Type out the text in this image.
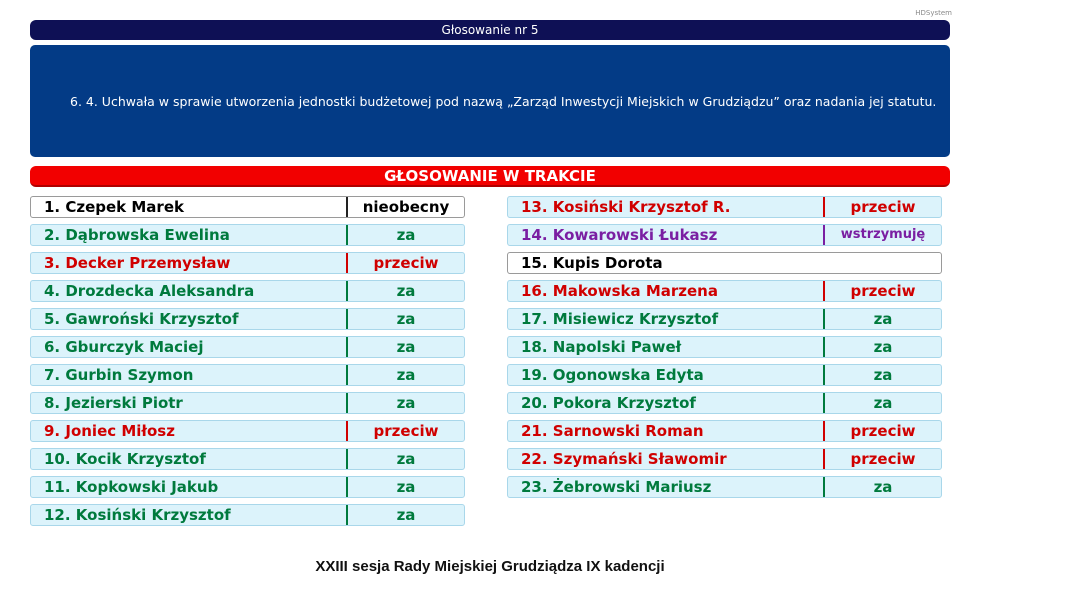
HDSystem
Głosowanie nr 5
6. 4. Uchwała w sprawie utworzenia jednostki budżetowej pod nazwą „Zarząd Inwestycji Miejskich w Grudziądzu” oraz nadania jej statutu.
GŁOSOWANIE W TRAKCIE
1. Czepek Marek	nieobecny
2. Dąbrowska Ewelina	za
3. Decker Przemysław	przeciw
4. Drozdecka Aleksandra	za
5. Gawroński Krzysztof	za
6. Gburczyk Maciej	za
7. Gurbin Szymon	za
8. Jezierski Piotr	za
9. Joniec Miłosz	przeciw
10. Kocik Krzysztof	za
11. Kopkowski Jakub	za
12. Kosiński Krzysztof	za
13. Kosiński Krzysztof R.	przeciw
14. Kowarowski Łukasz	wstrzymuję
15. Kupis Dorota
16. Makowska Marzena	przeciw
17. Misiewicz Krzysztof	za
18. Napolski Paweł	za
19. Ogonowska Edyta	za
20. Pokora Krzysztof	za
21. Sarnowski Roman	przeciw
22. Szymański Sławomir	przeciw
23. Żebrowski Mariusz	za
XXIII sesja Rady Miejskiej Grudziądza IX kadencji
